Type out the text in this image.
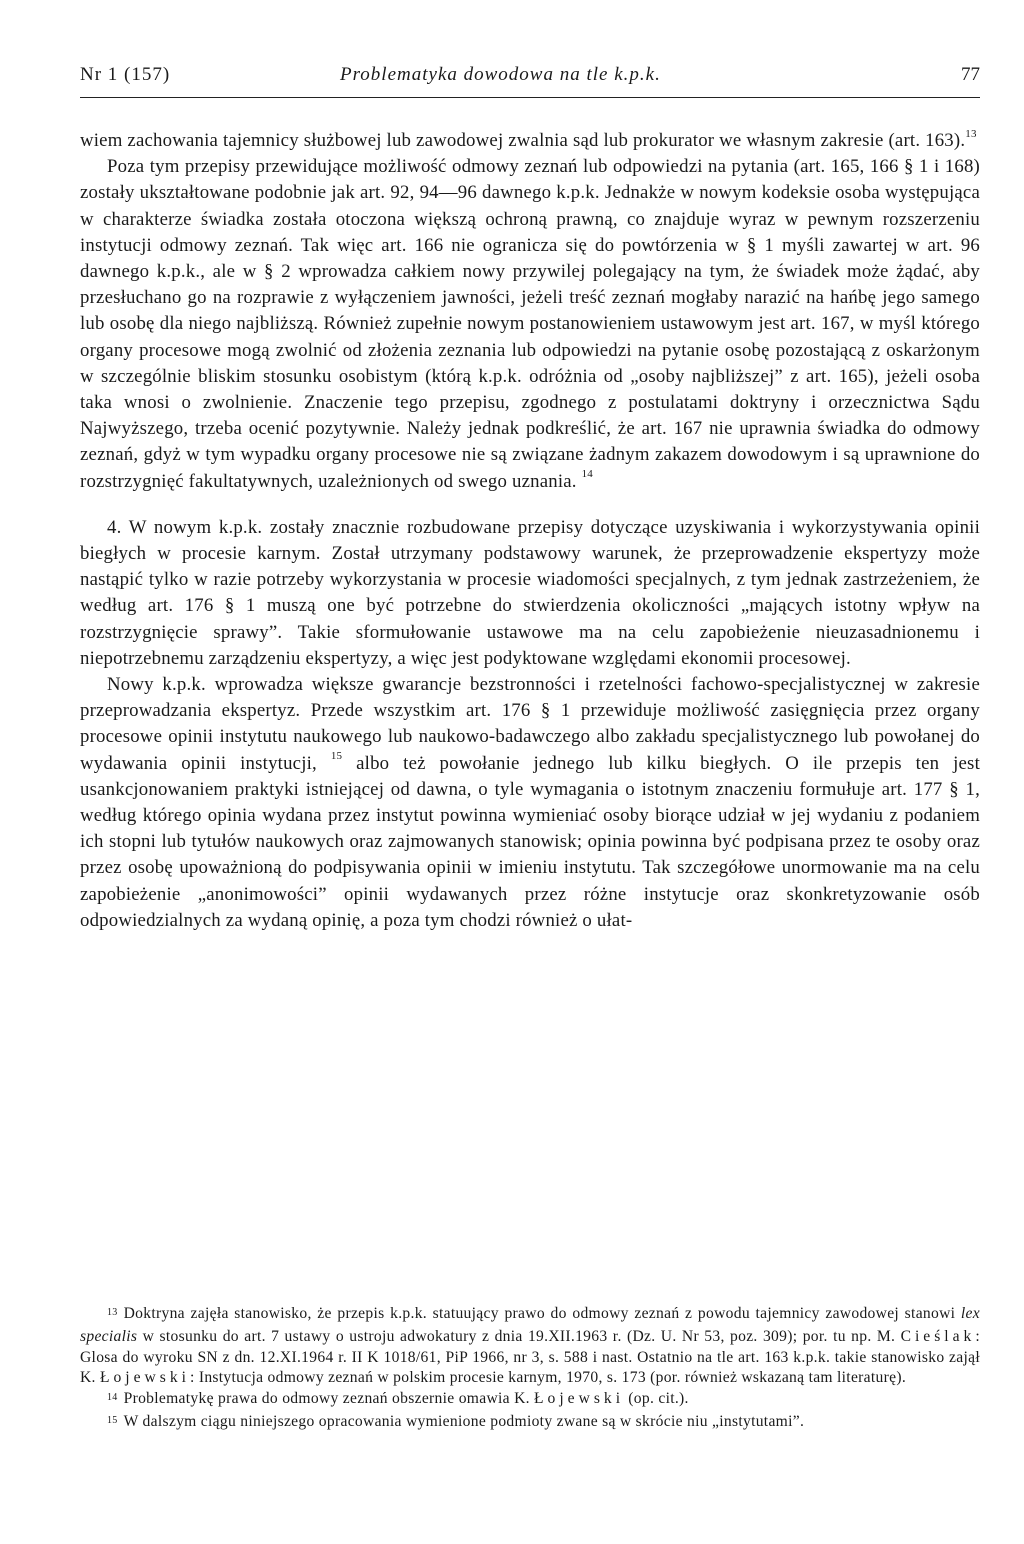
Nr 1 (157)	Problematyka dowodowa na tle k.p.k.	77

wiem zachowania tajemnicy służbowej lub zawodowej zwalnia sąd lub prokurator we własnym zakresie (art. 163).$^{13}$

Poza tym przepisy przewidujące możliwość odmowy zeznań lub odpowiedzi na pytania (art. 165, 166 § 1 i 168) zostały ukształtowane podobnie jak art. 92, 94—96 dawnego k.p.k. Jednakże w nowym kodeksie osoba występująca w charakterze świadka została otoczona większą ochroną prawną, co znajduje wyraz w pewnym rozszerzeniu instytucji odmowy zeznań. Tak więc art. 166 nie ogranicza się do powtórzenia w § 1 myśli zawartej w art. 96 dawnego k.p.k., ale w § 2 wprowadza całkiem nowy przywilej polegający na tym, że świadek może żądać, aby przesłuchano go na rozprawie z wyłączeniem jawności, jeżeli treść zeznań mogłaby narazić na hańbę jego samego lub osobę dla niego najbliższą. Również zupełnie nowym postanowieniem ustawowym jest art. 167, w myśl którego organy procesowe mogą zwolnić od złożenia zeznania lub odpowiedzi na pytanie osobę pozostającą z oskarżonym w szczególnie bliskim stosunku osobistym (którą k.p.k. odróżnia od „osoby najbliższej” z art. 165), jeżeli osoba taka wnosi o zwolnienie. Znaczenie tego przepisu, zgodnego z postulatami doktryny i orzecznictwa Sądu Najwyższego, trzeba ocenić pozytywnie. Należy jednak podkreślić, że art. 167 nie uprawnia świadka do odmowy zeznań, gdyż w tym wypadku organy procesowe nie są związane żadnym zakazem dowodowym i są uprawnione do rozstrzygnięć fakultatywnych, uzależnionych od swego uznania. $^{14}$

4. W nowym k.p.k. zostały znacznie rozbudowane przepisy dotyczące uzyskiwania i wykorzystywania opinii biegłych w procesie karnym. Został utrzymany podstawowy warunek, że przeprowadzenie ekspertyzy może nastąpić tylko w razie potrzeby wykorzystania w procesie wiadomości specjalnych, z tym jednak zastrzeżeniem, że według art. 176 § 1 muszą one być potrzebne do stwierdzenia okoliczności „mających istotny wpływ na rozstrzygnięcie sprawy”. Takie sformułowanie ustawowe ma na celu zapobieżenie nieuzasadnionemu i niepotrzebnemu zarządzeniu ekspertyzy, a więc jest podyktowane względami ekonomii procesowej.

Nowy k.p.k. wprowadza większe gwarancje bezstronności i rzetelności fachowo-specjalistycznej w zakresie przeprowadzania ekspertyz. Przede wszystkim art. 176 § 1 przewiduje możliwość zasięgnięcia przez organy procesowe opinii instytutu naukowego lub naukowo-badawczego albo zakładu specjalistycznego lub powołanej do wydawania opinii instytucji, $^{15}$ albo też powołanie jednego lub kilku biegłych. O ile przepis ten jest usankcjonowaniem praktyki istniejącej od dawna, o tyle wymagania o istotnym znaczeniu formułuje art. 177 § 1, według którego opinia wydana przez instytut powinna wymieniać osoby biorące udział w jej wydaniu z podaniem ich stopni lub tytułów naukowych oraz zajmowanych stanowisk; opinia powinna być podpisana przez te osoby oraz przez osobę upoważnioną do podpisywania opinii w imieniu instytutu. Tak szczegółowe unormowanie ma na celu zapobieżenie „anonimowości” opinii wydawanych przez różne instytucje oraz skonkretyzowanie osób odpowiedzialnych za wydaną opinię, a poza tym chodzi również o ułat-

13 Doktryna zajęła stanowisko, że przepis k.p.k. statuujący prawo do odmowy zeznań z powodu tajemnicy zawodowej stanowi lex specialis w stosunku do art. 7 ustawy o ustroju adwokatury z dnia 19.XII.1963 r. (Dz. U. Nr 53, poz. 309); por. tu np. M. Cieślak: Glosa do wyroku SN z dn. 12.XI.1964 r. II K 1018/61, PiP 1966, nr 3, s. 588 i nast. Ostatnio na tle art. 163 k.p.k. takie stanowisko zajął K. Łojewski: Instytucja odmowy zeznań w polskim procesie karnym, 1970, s. 173 (por. również wskazaną tam literaturę).

14 Problematykę prawa do odmowy zeznań obszernie omawia K. Łojewski (op. cit.).

15 W dalszym ciągu niniejszego opracowania wymienione podmioty zwane są w skrócie niu „instytutami”.
